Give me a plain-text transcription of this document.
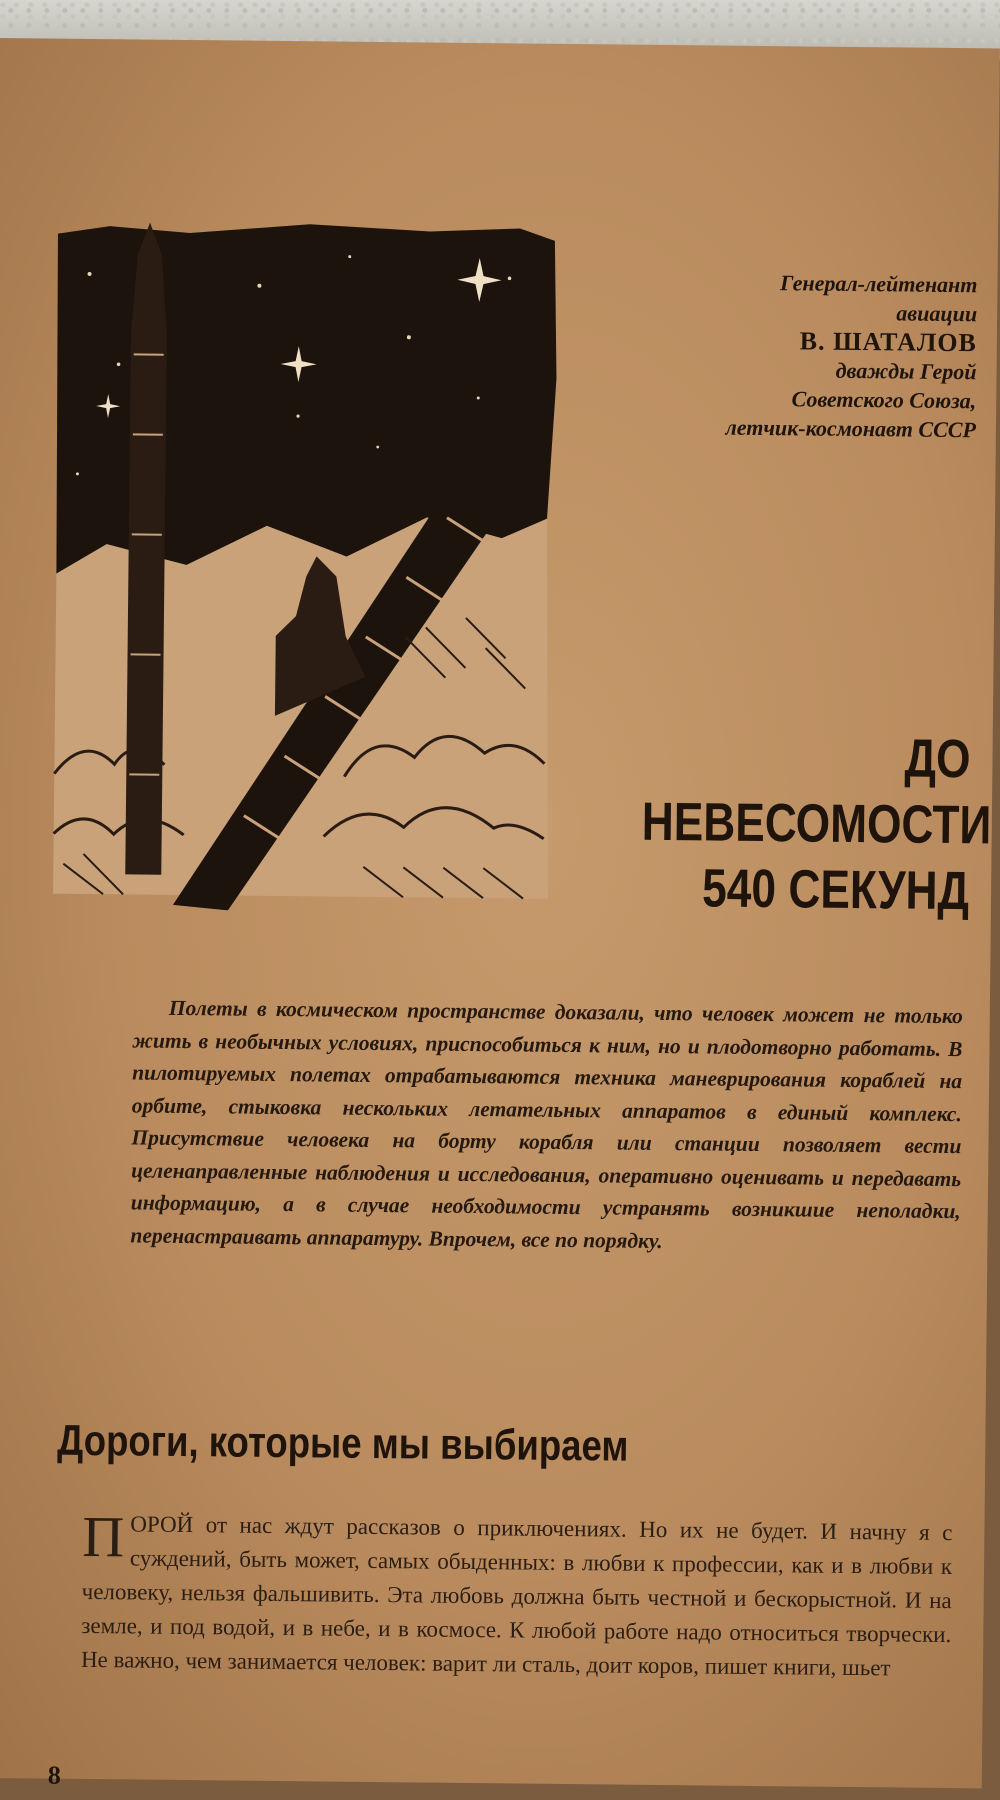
Генерал-лейтенант
авиации
В. ШАТАЛОВ
дважды Герой
Советского Союза,
летчик-космонавт СССР
ДО
НЕВЕСОМОСТИ
540 СЕКУНД
Полеты в космическом пространстве доказали, что человек может не только жить в необычных условиях, приспособиться к ним, но и плодотворно работать. В пилотируемых полетах отрабатываются техника маневрирования кораблей на орбите, стыковка нескольких летательных аппаратов в единый комплекс. Присутствие человека на борту корабля или станции позволяет вести целенаправленные наблюдения и исследования, оперативно оценивать и передавать информацию, а в случае необходимости устранять возникшие неполадки, перенастраивать аппаратуру. Впрочем, все по порядку.
Дороги, которые мы выбираем
ПОРОЙ от нас ждут рассказов о приключениях. Но их не будет. И начну я с суждений, быть может, самых обыденных: в любви к профессии, как и в любви к человеку, нельзя фальшивить. Эта любовь должна быть честной и бескорыстной. И на земле, и под водой, и в небе, и в космосе. К любой работе надо относиться творчески. Не важно, чем занимается человек: варит ли сталь, доит коров, пишет книги, шьет
8
